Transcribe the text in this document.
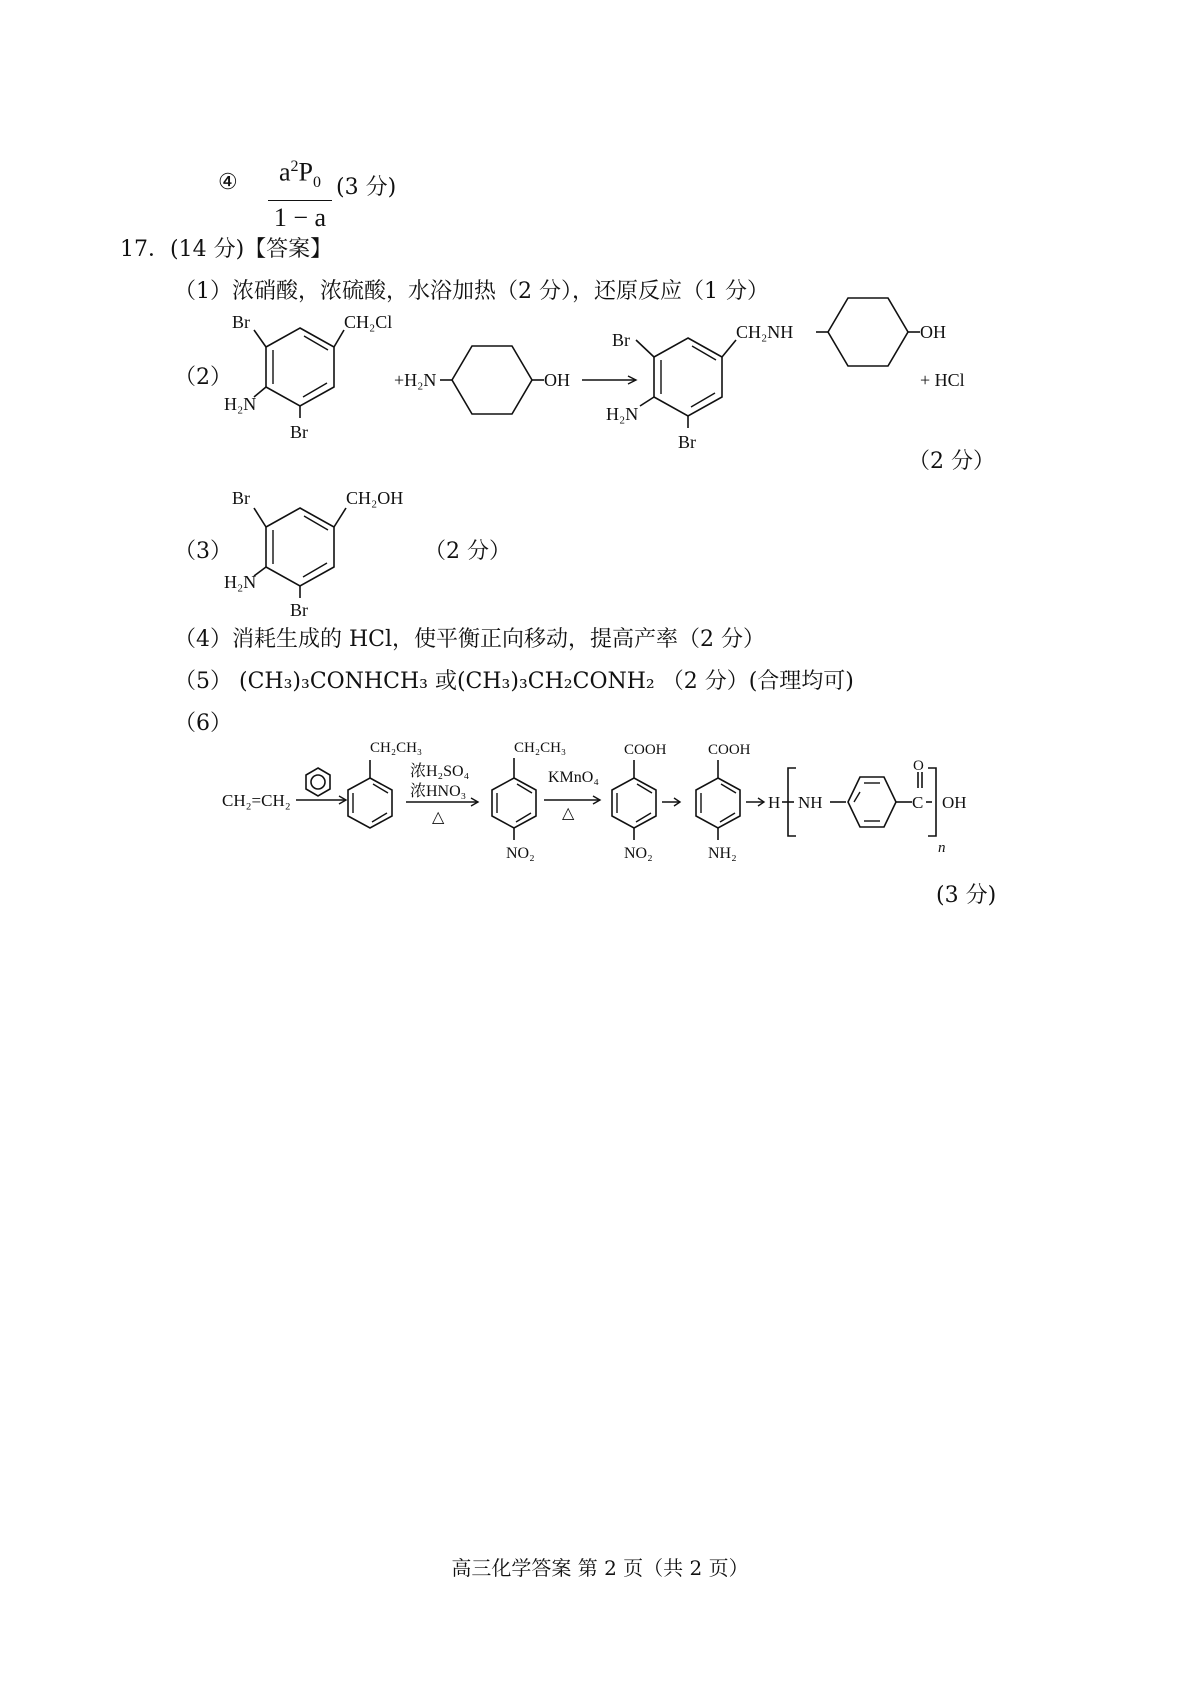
④ $\frac{a^2P_0}{1 - a} (3$ 分)
17．(14 分)【答案】
（1）浓硝酸，浓硫酸，水浴加热（2 分），还原反应（1 分）
（2）
Br	CH₂Cl
H₂N
Br
+H₂N	OH
Br	CH₂NH
H₂N
Br
OH
+ HCl
（2 分）
（3）
Br	CH₂OH
H₂N
Br
（2 分）
（4）消耗生成的 HCl，使平衡正向移动，提高产率（2 分）
（5） (CH₃)₃CONHCH₃ 或(CH₃)₃CH₂CONH₂ （2 分）(合理均可)
（6）
CH₂=CH₂
CH₂CH₃
浓H₂SO₄
浓HNO₃
△
CH₂CH₃
NO₂
KMnO₄
△
COOH
NO₂
COOH
NH₂
H NH	C
O
OH
n
(3 分)
高三化学答案 第 2 页（共 2 页）
